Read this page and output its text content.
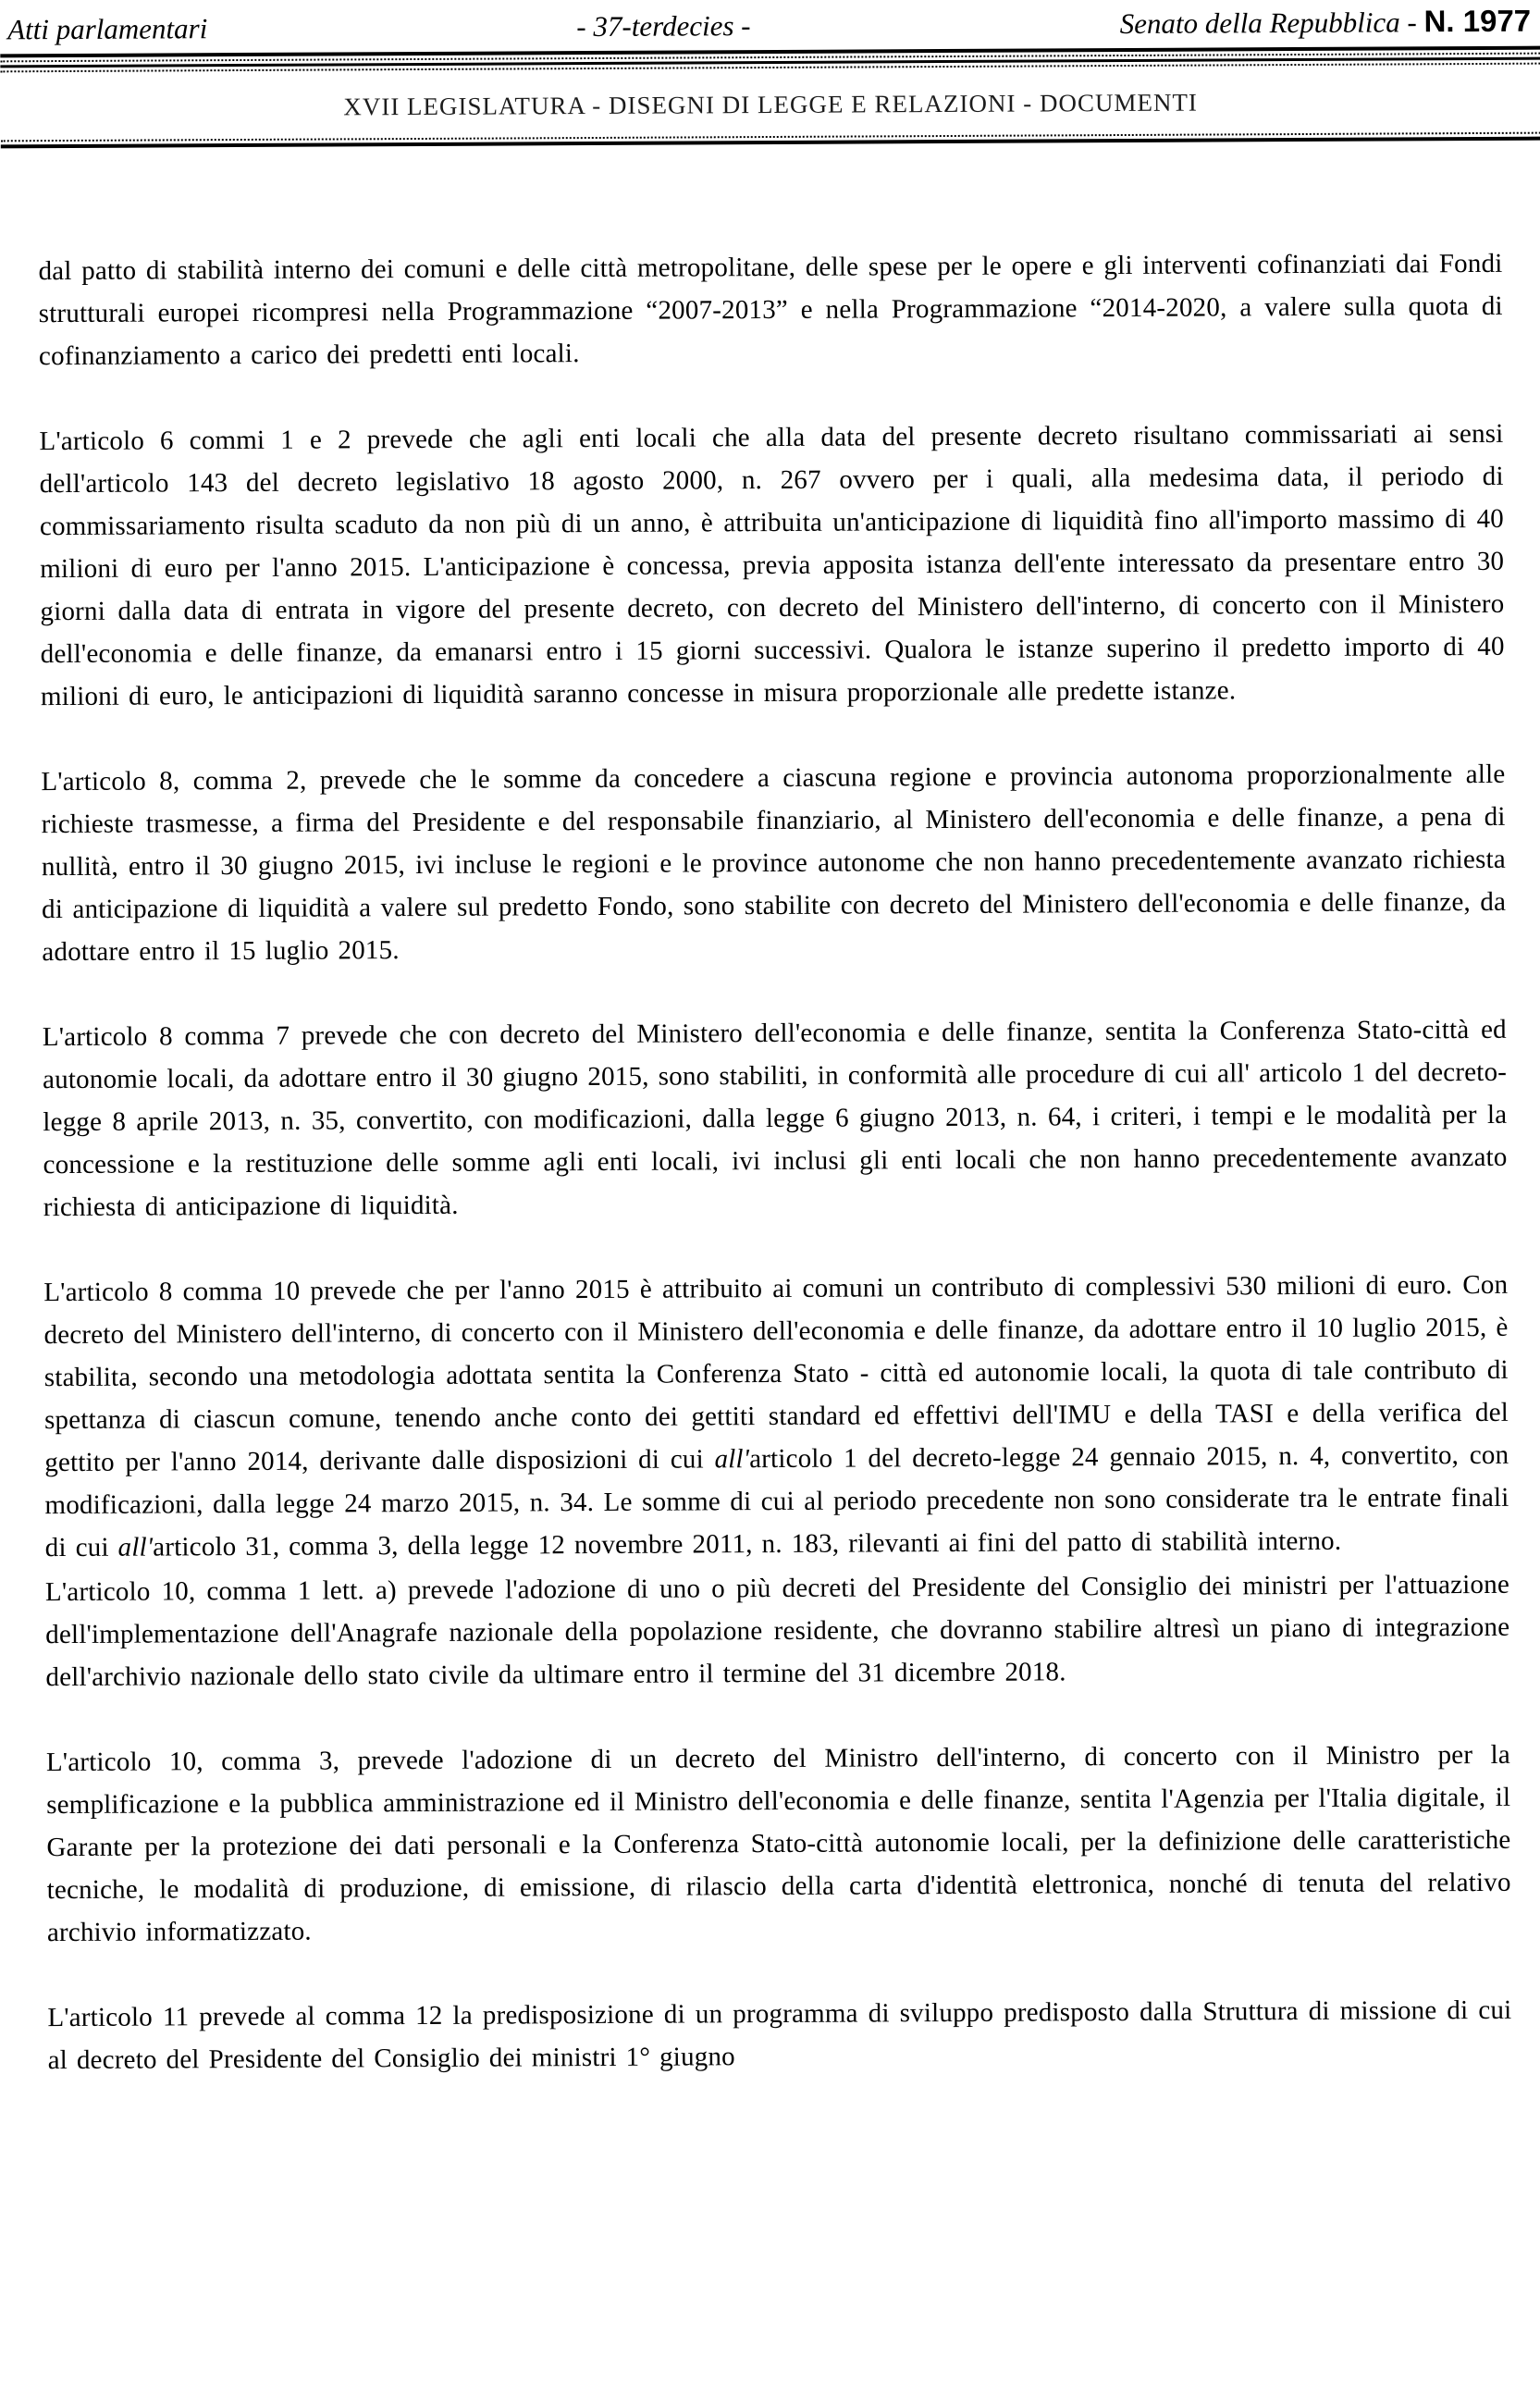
Atti parlamentari	- 37-terdecies -	Senato della Repubblica - N. 1977
XVII LEGISLATURA - DISEGNI DI LEGGE E RELAZIONI - DOCUMENTI

dal patto di stabilità interno dei comuni e delle città metropolitane, delle spese per le opere e gli interventi cofinanziati dai Fondi strutturali europei ricompresi nella Programmazione “2007-2013” e nella Programmazione “2014-2020, a valere sulla quota di cofinanziamento a carico dei predetti enti locali.

L'articolo 6 commi 1 e 2 prevede che agli enti locali che alla data del presente decreto risultano commissariati ai sensi dell'articolo 143 del decreto legislativo 18 agosto 2000, n. 267 ovvero per i quali, alla medesima data, il periodo di commissariamento risulta scaduto da non più di un anno, è attribuita un'anticipazione di liquidità fino all'importo massimo di 40 milioni di euro per l'anno 2015. L'anticipazione è concessa, previa apposita istanza dell'ente interessato da presentare entro 30 giorni dalla data di entrata in vigore del presente decreto, con decreto del Ministero dell'interno, di concerto con il Ministero dell'economia e delle finanze, da emanarsi entro i 15 giorni successivi. Qualora le istanze superino il predetto importo di 40 milioni di euro, le anticipazioni di liquidità saranno concesse in misura proporzionale alle predette istanze.

L'articolo 8, comma 2, prevede che le somme da concedere a ciascuna regione e provincia autonoma proporzionalmente alle richieste trasmesse, a firma del Presidente e del responsabile finanziario, al Ministero dell'economia e delle finanze, a pena di nullità, entro il 30 giugno 2015, ivi incluse le regioni e le province autonome che non hanno precedentemente avanzato richiesta di anticipazione di liquidità a valere sul predetto Fondo, sono stabilite con decreto del Ministero dell'economia e delle finanze, da adottare entro il 15 luglio 2015.

L'articolo 8 comma 7 prevede che con decreto del Ministero dell'economia e delle finanze, sentita la Conferenza Stato-città ed autonomie locali, da adottare entro il 30 giugno 2015, sono stabiliti, in conformità alle procedure di cui all' articolo 1 del decreto-legge 8 aprile 2013, n. 35, convertito, con modificazioni, dalla legge 6 giugno 2013, n. 64, i criteri, i tempi e le modalità per la concessione e la restituzione delle somme agli enti locali, ivi inclusi gli enti locali che non hanno precedentemente avanzato richiesta di anticipazione di liquidità.

L'articolo 8 comma 10 prevede che per l'anno 2015 è attribuito ai comuni un contributo di complessivi 530 milioni di euro. Con decreto del Ministero dell'interno, di concerto con il Ministero dell'economia e delle finanze, da adottare entro il 10 luglio 2015, è stabilita, secondo una metodologia adottata sentita la Conferenza Stato - città ed autonomie locali, la quota di tale contributo di spettanza di ciascun comune, tenendo anche conto dei gettiti standard ed effettivi dell'IMU e della TASI e della verifica del gettito per l'anno 2014, derivante dalle disposizioni di cui all'articolo 1 del decreto-legge 24 gennaio 2015, n. 4, convertito, con modificazioni, dalla legge 24 marzo 2015, n. 34. Le somme di cui al periodo precedente non sono considerate tra le entrate finali di cui all'articolo 31, comma 3, della legge 12 novembre 2011, n. 183, rilevanti ai fini del patto di stabilità interno.

L'articolo 10, comma 1 lett. a) prevede l'adozione di uno o più decreti del Presidente del Consiglio dei ministri per l'attuazione dell'implementazione dell'Anagrafe nazionale della popolazione residente, che dovranno stabilire altresì un piano di integrazione dell'archivio nazionale dello stato civile da ultimare entro il termine del 31 dicembre 2018.

L'articolo 10, comma 3, prevede l'adozione di un decreto del Ministro dell'interno, di concerto con il Ministro per la semplificazione e la pubblica amministrazione ed il Ministro dell'economia e delle finanze, sentita l'Agenzia per l'Italia digitale, il Garante per la protezione dei dati personali e la Conferenza Stato-città autonomie locali, per la definizione delle caratteristiche tecniche, le modalità di produzione, di emissione, di rilascio della carta d'identità elettronica, nonché di tenuta del relativo archivio informatizzato.

L'articolo 11 prevede al comma 12 la predisposizione di un programma di sviluppo predisposto dalla Struttura di missione di cui al decreto del Presidente del Consiglio dei ministri 1° giugno
